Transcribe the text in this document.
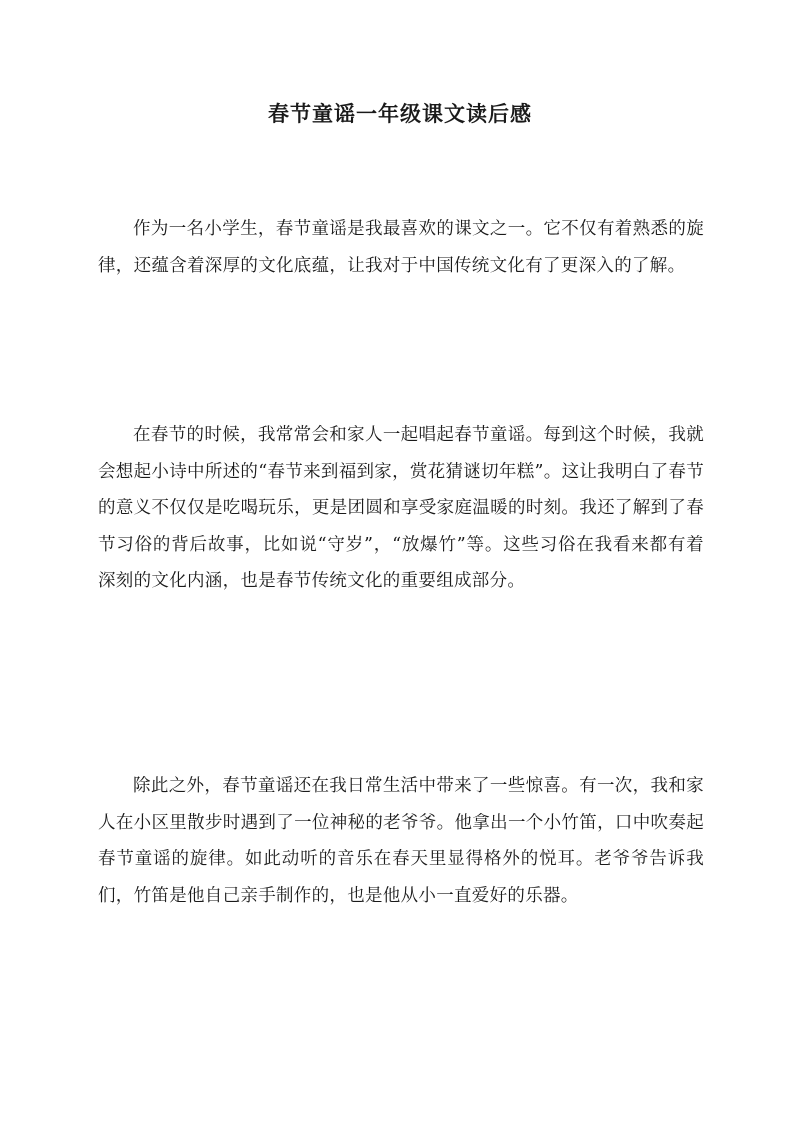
春节童谣一年级课文读后感

作为一名小学生，春节童谣是我最喜欢的课文之一。它不仅有着熟悉的旋律，还蕴含着深厚的文化底蕴，让我对于中国传统文化有了更深入的了解。

在春节的时候，我常常会和家人一起唱起春节童谣。每到这个时候，我就会想起小诗中所述的“春节来到福到家，赏花猜谜切年糕”。这让我明白了春节的意义不仅仅是吃喝玩乐，更是团圆和享受家庭温暖的时刻。我还了解到了春节习俗的背后故事，比如说“守岁”，“放爆竹”等。这些习俗在我看来都有着深刻的文化内涵，也是春节传统文化的重要组成部分。

除此之外，春节童谣还在我日常生活中带来了一些惊喜。有一次，我和家人在小区里散步时遇到了一位神秘的老爷爷。他拿出一个小竹笛，口中吹奏起春节童谣的旋律。如此动听的音乐在春天里显得格外的悦耳。老爷爷告诉我们，竹笛是他自己亲手制作的，也是他从小一直爱好的乐器。
